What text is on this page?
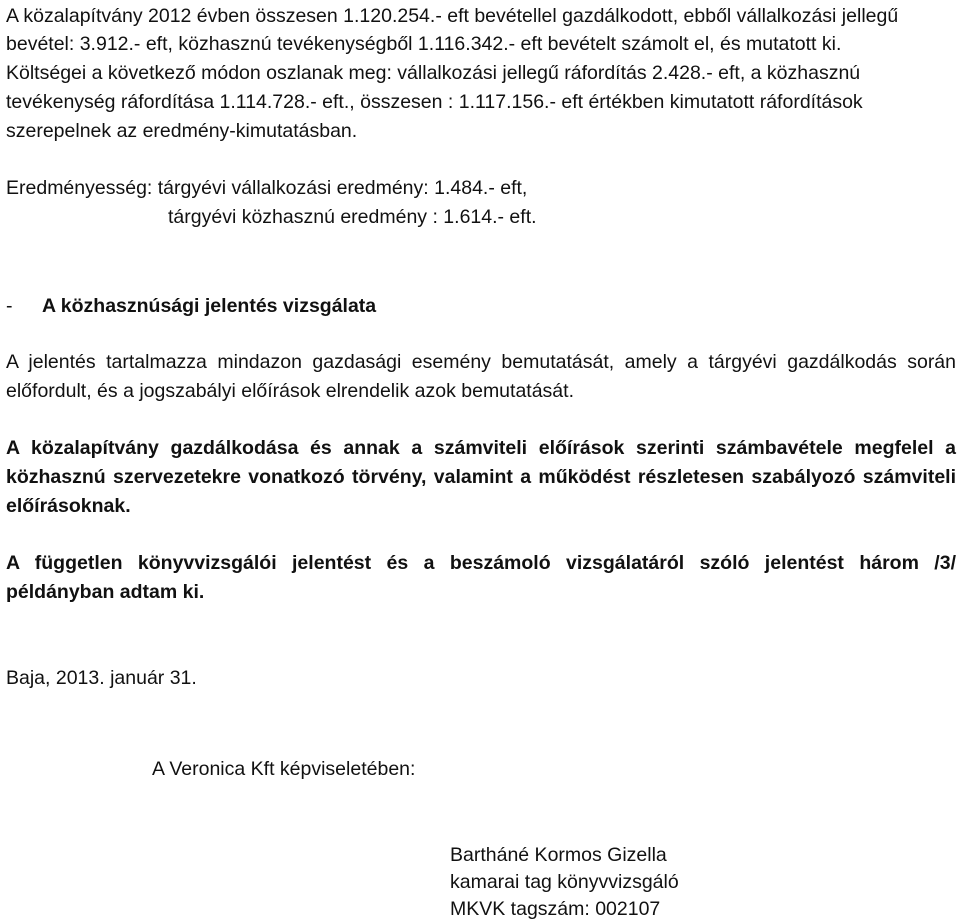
A közalapítvány 2012 évben összesen 1.120.254.- eft bevétellel gazdálkodott, ebből vállalkozási jellegű
bevétel: 3.912.- eft, közhasznú tevékenységből 1.116.342.- eft bevételt számolt el, és mutatott ki.
Költségei a következő módon oszlanak meg: vállalkozási jellegű ráfordítás 2.428.- eft, a közhasznú
tevékenység ráfordítása 1.114.728.- eft., összesen : 1.117.156.- eft értékben kimutatott ráfordítások
szerepelnek az eredmény-kimutatásban.
Eredményesség: tárgyévi vállalkozási eredmény: 1.484.- eft,
tárgyévi közhasznú eredmény : 1.614.- eft.
- A közhasznúsági jelentés vizsgálata
A jelentés tartalmazza mindazon gazdasági esemény bemutatását, amely a tárgyévi gazdálkodás során előfordult, és a jogszabályi előírások elrendelik azok bemutatását.
A közalapítvány gazdálkodása és annak a számviteli előírások szerinti számbavétele megfelel a közhasznú szervezetekre vonatkozó törvény, valamint a működést részletesen szabályozó számviteli előírásoknak.
A független könyvvizsgálói jelentést és a beszámoló vizsgálatáról szóló jelentést három /3/ példányban adtam ki.
Baja, 2013. január 31.
A Veronica Kft képviseletében:
Bartháné Kormos Gizella
kamarai tag könyvvizsgáló
MKVK tagszám: 002107
